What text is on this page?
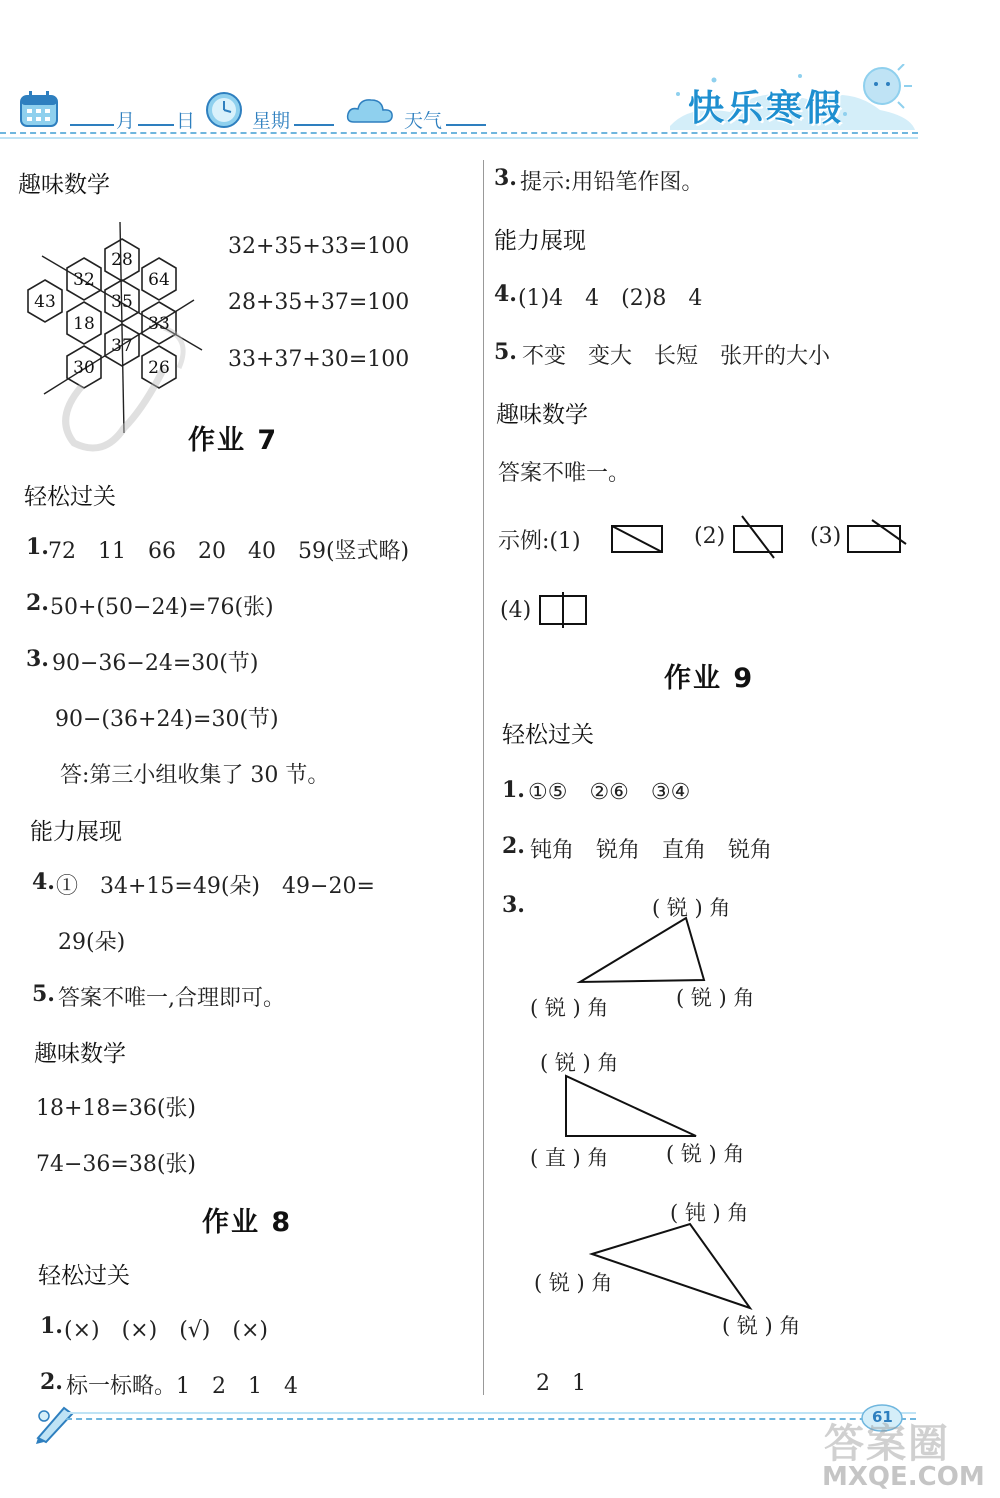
月 日	星期	天气	快乐寒假
趣味数学
28
32	64
43	35
18	33
37
30	26
32+35+33=100
28+35+37=100
33+37+30=100
作业 7
轻松过关
1. 72　11　66　20　40　59(竖式略)
2. 50+(50−24)=76(张)
3. 90−36−24=30(节)
90−(36+24)=30(节)
答:第三小组收集了 30 节。
能力展现
4. ①　34+15=49(朵)　49−20=
29(朵)
5. 答案不唯一,合理即可。
趣味数学
18+18=36(张)
74−36=38(张)
作业 8
轻松过关
1. (×)　(×)　(√)　(×)
2. 标一标略。1　2　1　4
3. 提示:用铅笔作图。
能力展现
4. (1)4　4　(2)8　4
5. 不变　变大　长短　张开的大小
趣味数学
答案不唯一。
示例:(1)	(2)	(3)
(4)
作业 9
轻松过关
1. ①⑤　②⑥　③④
2. 钝角　锐角　直角　锐角
3.	( 锐 ) 角
( 锐 ) 角	( 锐 ) 角
( 锐 ) 角
( 直 ) 角	( 锐 ) 角
( 钝 ) 角
( 锐 ) 角
( 锐 ) 角
2　1
61
答案圈
MXQE.COM
